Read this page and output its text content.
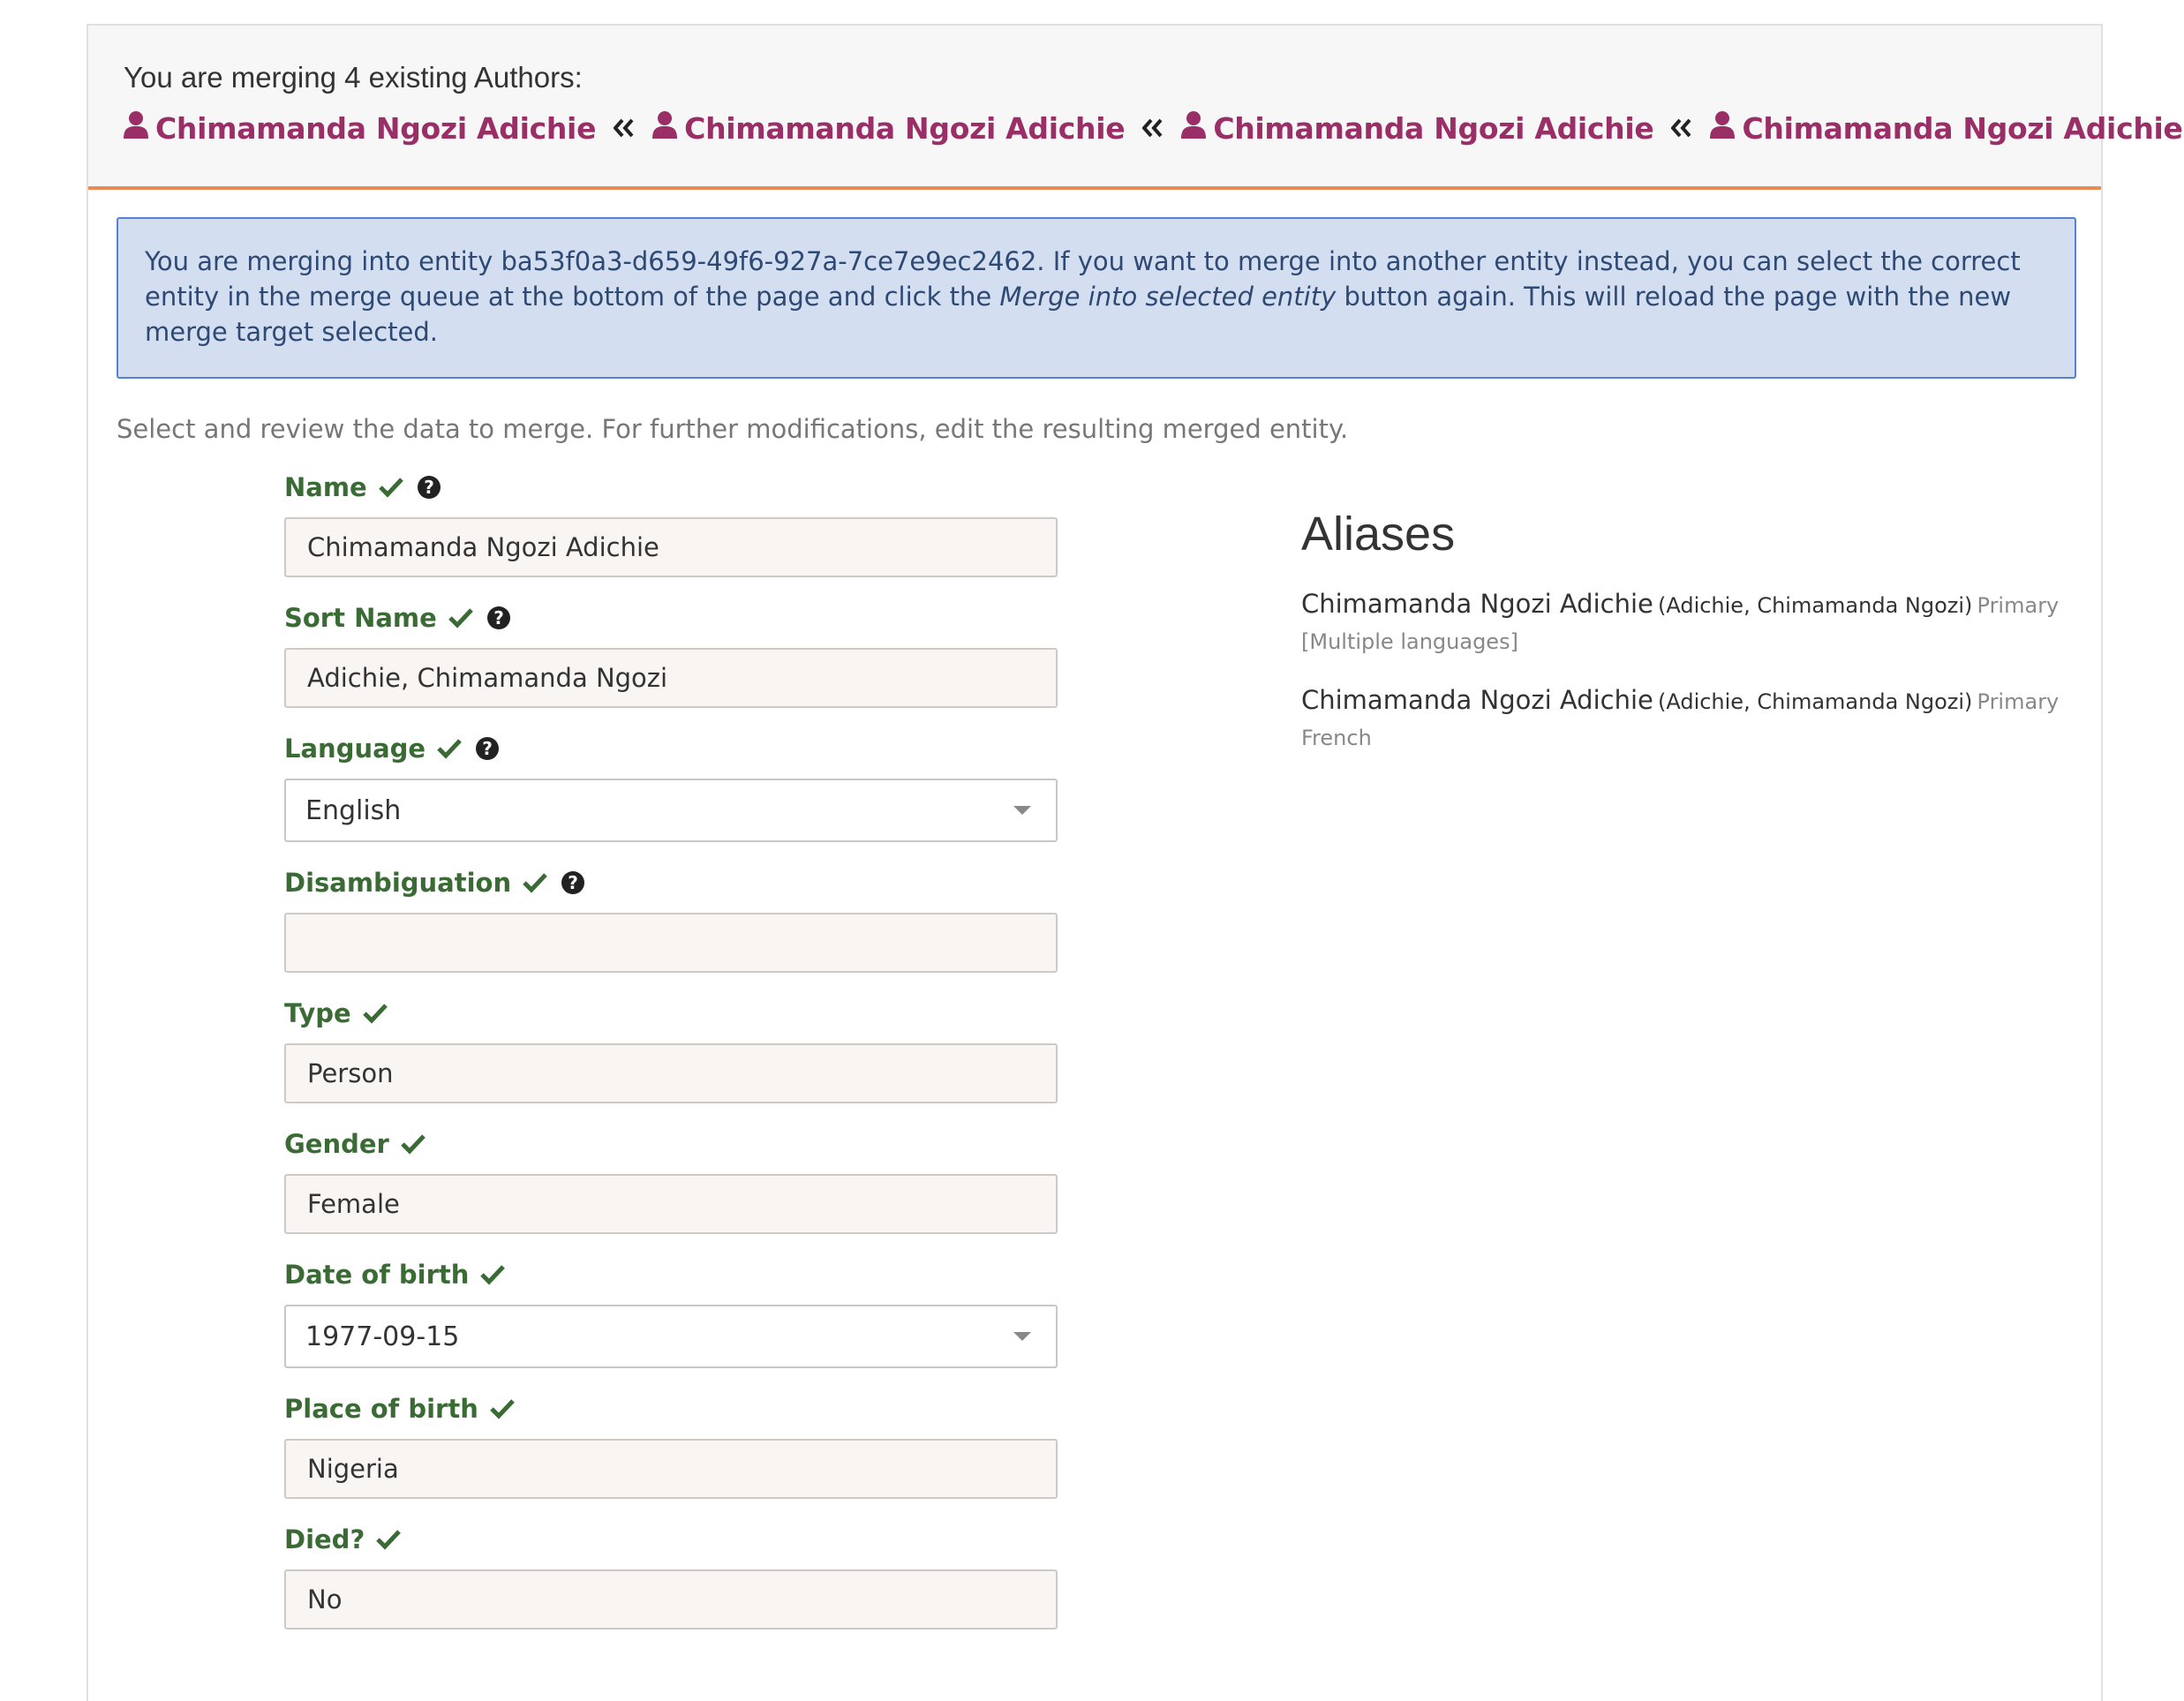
You are merging 4 existing Authors:
Chimamanda Ngozi Adichie	Chimamanda Ngozi Adichie	Chimamanda Ngozi Adichie	Chimamanda Ngozi Adichie
You are merging into entity ba53f0a3-d659-49f6-927a-7ce7e9ec2462. If you want to merge into another entity instead, you can select the correct entity in the merge queue at the bottom of the page and click the Merge into selected entity button again. This will reload the page with the new merge target selected.
Select and review the data to merge. For further modifications, edit the resulting merged entity.
Name	?
Chimamanda Ngozi Adichie
Sort Name	?
Adichie, Chimamanda Ngozi
Language	?
English
Disambiguation	?
Type
Person
Gender
Female
Date of birth
1977-09-15
Place of birth
Nigeria
Died?
No
Aliases
Chimamanda Ngozi Adichie (Adichie, Chimamanda Ngozi) Primary
[Multiple languages]
Chimamanda Ngozi Adichie (Adichie, Chimamanda Ngozi) Primary
French
